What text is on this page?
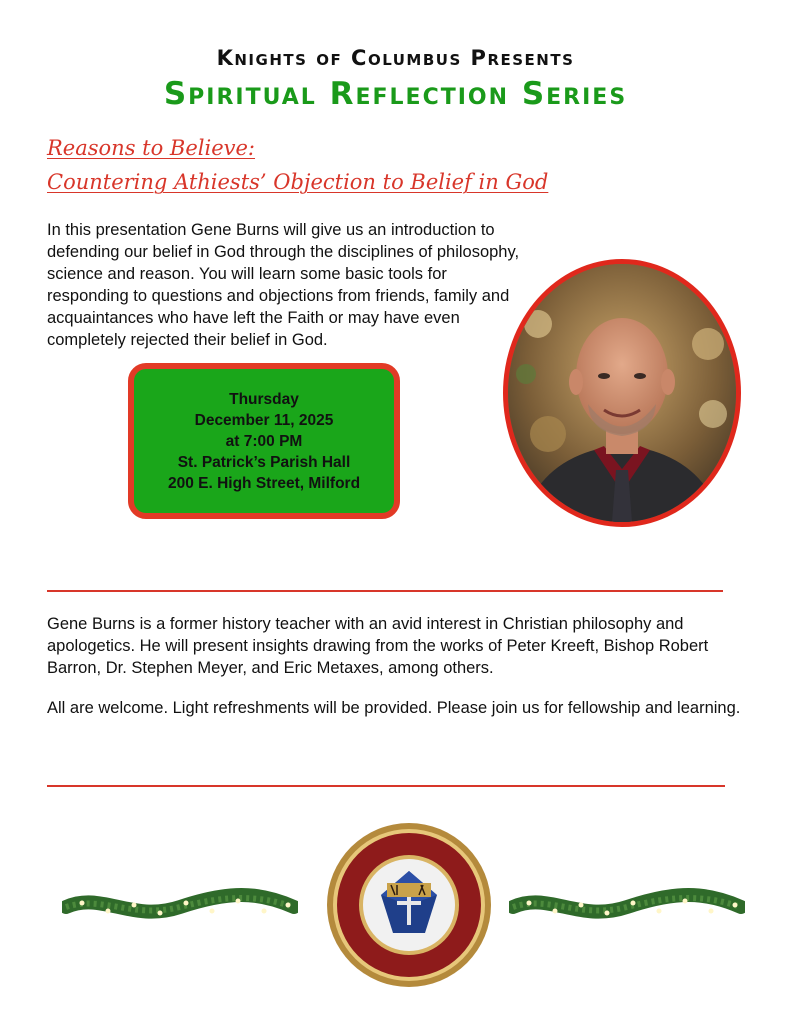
Knights of Columbus Presents
Spiritual Reflection Series
Reasons to Believe:
Countering Athiests’ Objection to Belief in God

In this presentation Gene Burns will give us an introduction to defending our belief in God through the disciplines of philosophy, science and reason. You will learn some basic tools for responding to questions and objections from friends, family and acquaintances who have left the Faith or may have even completely rejected their belief in God.

Thursday
December 11, 2025
at 7:00 PM
St. Patrick’s Parish Hall
200 E. High Street, Milford

Gene Burns is a former history teacher with an avid interest in Christian philosophy and apologetics. He will present insights drawing from the works of Peter Kreeft, Bishop Robert Barron, Dr. Stephen Meyer, and Eric Metaxes, among others.

All are welcome. Light refreshments will be provided. Please join us for fellowship and learning.
